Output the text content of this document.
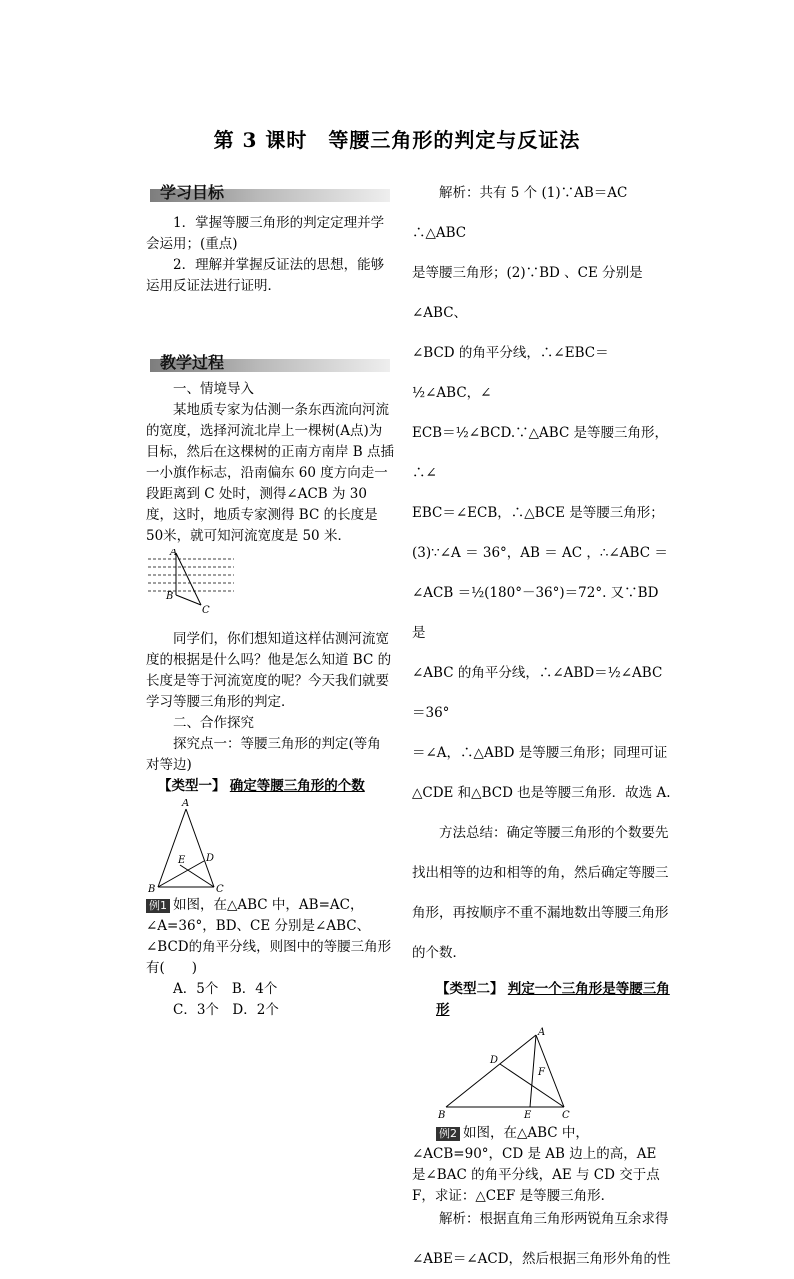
第 3 课时　等腰三角形的判定与反证法
学习目标

1．掌握等腰三角形的判定定理并学会运用；(重点)

2．理解并掌握反证法的思想，能够运用反证法进行证明．

教学过程

一、情境导入

某地质专家为估测一条东西流向河流的宽度，选择河流北岸上一棵树(A点)为目标，然后在这棵树的正南方南岸 B 点插一小旗作标志，沿南偏东 60 度方向走一段距离到 C 处时，测得∠ACB 为 30 度，这时，地质专家测得 BC 的长度是 50米，就可知河流宽度是 50 米．

A
B
C

同学们，你们想知道这样估测河流宽度的根据是什么吗？他是怎么知道 BC 的长度是等于河流宽度的呢？今天我们就要学习等腰三角形的判定．

二、合作探究

探究点一：等腰三角形的判定(等角对等边)

【类型一】 确定等腰三角形的个数

A
B	C
D
E

例1 如图，在△ABC 中，AB=AC，∠A=36°，BD、CE 分别是∠ABC、∠BCD的角平分线，则图中的等腰三角形有(　　)

A．5个　B．4个

C．3个　D．2个

解析：共有 5 个 (1)∵AB＝AC ∴△ABC

是等腰三角形；(2)∵BD 、CE 分别是∠ABC、

∠BCD 的角平分线，∴∠EBC＝½∠ABC，∠

ECB＝½∠BCD.∵△ABC 是等腰三角形，∴∠

EBC＝∠ECB，∴△BCE 是等腰三角形；

(3)∵∠A ＝ 36°，AB ＝ AC ，∴∠ABC ＝

∠ACB ＝½(180°－36°)＝72°. 又∵BD 是

∠ABC 的角平分线，∴∠ABD＝½∠ABC＝36°

＝∠A，∴△ABD 是等腰三角形；同理可证

△CDE 和△BCD 也是等腰三角形．故选 A.

方法总结：确定等腰三角形的个数要先

找出相等的边和相等的角，然后确定等腰三

角形，再按顺序不重不漏地数出等腰三角形

的个数．

【类型二】 判定一个三角形是等腰三角形

A
D
F
B	E	C

例2 如图，在△ABC 中，∠ACB=90°，CD 是 AB 边上的高，AE 是∠BAC 的角平分线，AE 与 CD 交于点 F，求证：△CEF 是等腰三角形．

解析：根据直角三角形两锐角互余求得

∠ABE＝∠ACD，然后根据三角形外角的性
